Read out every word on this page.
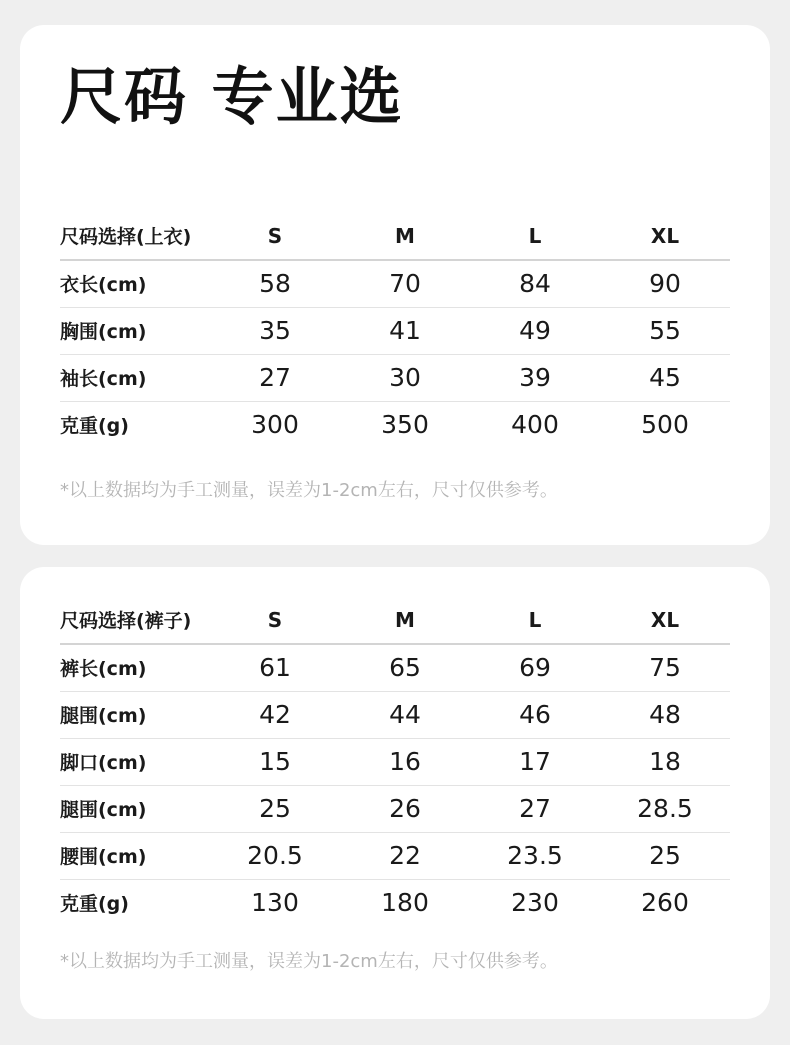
尺码 专业选
尺码选择(上衣)	S	M	L	XL
衣长(cm)	58	70	84	90
胸围(cm)	35	41	49	55
袖长(cm)	27	30	39	45
克重(g)	300	350	400	500
*以上数据均为手工测量，误差为1-2cm左右，尺寸仅供参考。
尺码选择(裤子)	S	M	L	XL
裤长(cm)	61	65	69	75
腿围(cm)	42	44	46	48
脚口(cm)	15	16	17	18
腿围(cm)	25	26	27	28.5
腰围(cm)	20.5	22	23.5	25
克重(g)	130	180	230	260
*以上数据均为手工测量，误差为1-2cm左右，尺寸仅供参考。
